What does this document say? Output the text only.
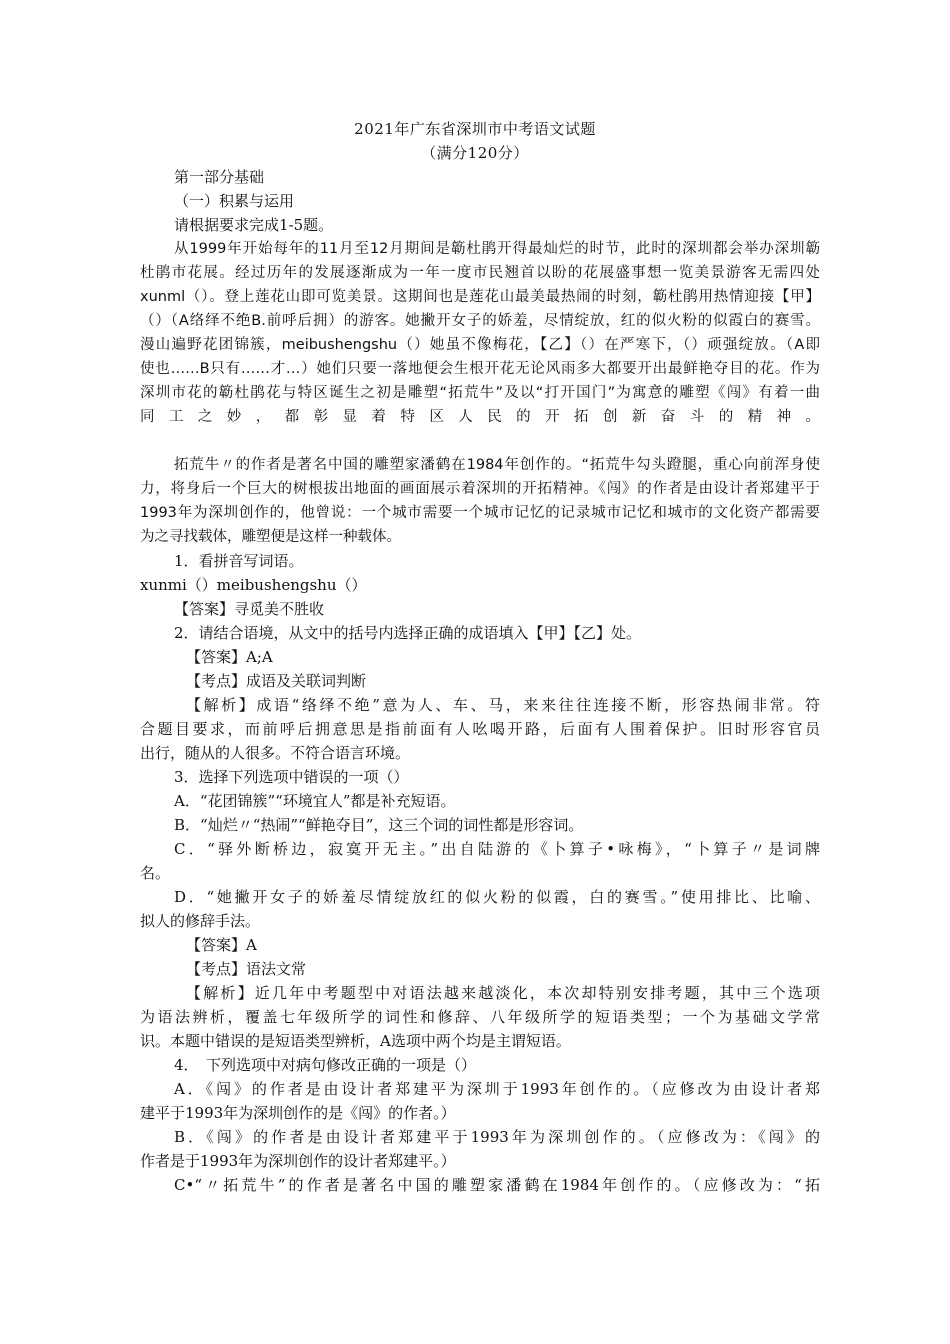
2021年广东省深圳市中考语文试题
（满分120分）
第一部分基础
（一）积累与运用
请根据要求完成1-5题。
从1999年开始每年的11月至12月期间是簕杜鹃开得最灿烂的时节，此时的深圳都会举办深圳簕
杜鹃市花展。经过历年的发展逐渐成为一年一度市民翘首以盼的花展盛事想一览美景游客无需四处
xunml（）。登上莲花山即可览美景。这期间也是莲花山最美最热闹的时刻，簕杜鹃用热情迎接【甲】
（）（A络绎不绝B.前呼后拥）的游客。她撇开女子的娇羞，尽情绽放，红的似火粉的似霞白的赛雪。
漫山遍野花团锦簇，meibushengshu（）她虽不像梅花，【乙】（）在严寒下，（）顽强绽放。（A即
使也……B只有……才…）她们只要一落地便会生根开花无论风雨多大都要开出最鲜艳夺目的花。作为
深圳市花的簕杜鹃花与特区诞生之初是雕塑“拓荒牛”及以“打开国门”为寓意的雕塑《闯》有着一曲
同工之妙，都彰显着特区人民的开拓创新奋斗的精神。
拓荒牛〃的作者是著名中国的雕塑家潘鹤在1984年创作的。“拓荒牛勾头蹬腿，重心向前浑身使
力，将身后一个巨大的树根拔出地面的画面展示着深圳的开拓精神。《闯》的作者是由设计者郑建平于
1993年为深圳创作的，他曾说：一个城市需要一个城市记忆的记录城市记忆和城市的文化资产都需要
为之寻找载体，雕塑便是这样一种载体。
1．看拼音写词语。
xunmi（）meibushengshu（）
【答案】寻觅美不胜收
2．请结合语境，从文中的括号内选择正确的成语填入【甲】【乙】处。
【答案】A;A
【考点】成语及关联词判断
【解析】成语“络绎不绝”意为人、车、马，来来往往连接不断，形容热闹非常。符
合题目要求，而前呼后拥意思是指前面有人吆喝开路，后面有人围着保护。旧时形容官员
出行，随从的人很多。不符合语言环境。
3．选择下列选项中错误的一项（）
A．“花团锦簇”“环境宜人”都是补充短语。
B．“灿烂〃“热闹”“鲜艳夺目”，这三个词的词性都是形容词。
C．“驿外断桥边，寂寞开无主。”出自陆游的《卜算子•咏梅》，“卜算子〃是词牌
名。
D．“她撇开女子的娇羞尽情绽放红的似火粉的似霞，白的赛雪。”使用排比、比喻、
拟人的修辞手法。
【答案】A
【考点】语法文常
【解析】近几年中考题型中对语法越来越淡化，本次却特别安排考题，其中三个选项
为语法辨析，覆盖七年级所学的词性和修辞、八年级所学的短语类型；一个为基础文学常
识。本题中错误的是短语类型辨析，A选项中两个均是主谓短语。
4．　下列选项中对病句修改正确的一项是（）
A．《闯》的作者是由设计者郑建平为深圳于1993年创作的。（应修改为由设计者郑
建平于1993年为深圳创作的是《闯》的作者。）
B．《闯》的作者是由设计者郑建平于1993年为深圳创作的。（应修改为：《闯》的
作者是于1993年为深圳创作的设计者郑建平。）
C•“〃拓荒牛”的作者是著名中国的雕塑家潘鹤在1984年创作的。（应修改为：“拓
